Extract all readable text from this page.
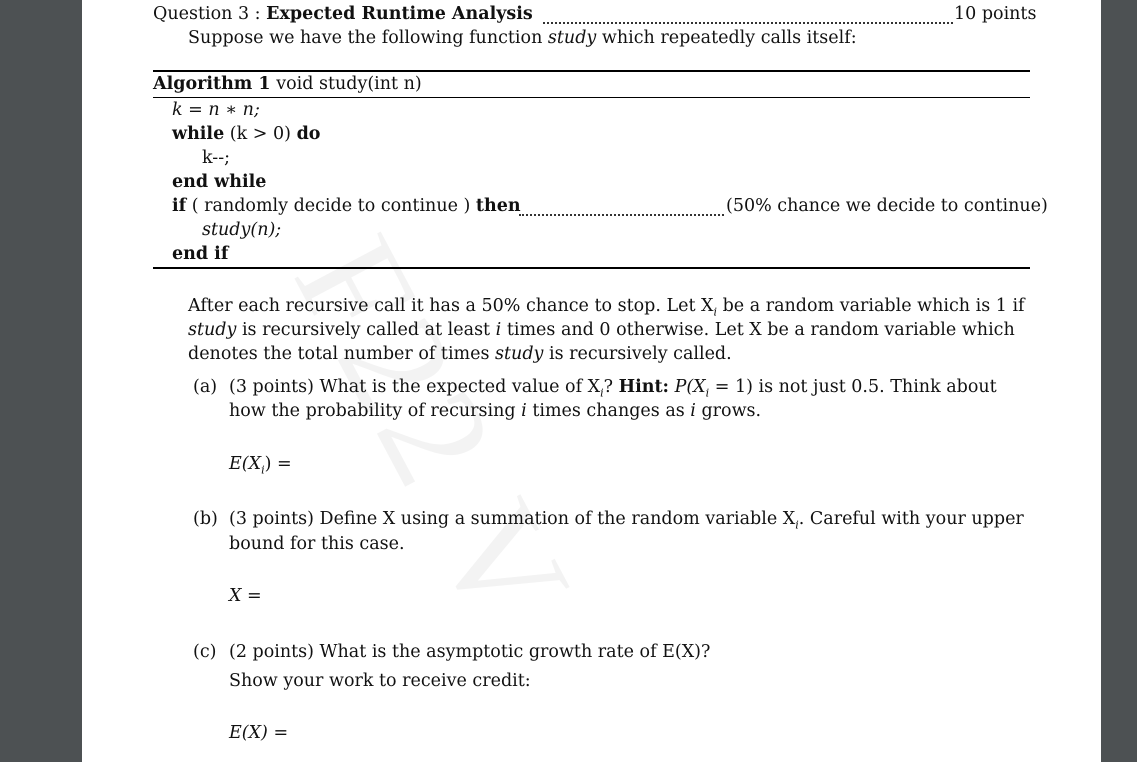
Question 3 : Expected Runtime Analysis	10 points
Suppose we have the following function study which repeatedly calls itself:
Algorithm 1 void study(int n)
k = n ∗ n;
while (k > 0) do
k--;
end while
if ( randomly decide to continue ) then	(50% chance we decide to continue)
study(n);
end if
After each recursive call it has a 50% chance to stop. Let $X_i$ be a random variable which is 1 if
study is recursively called at least i times and 0 otherwise. Let X be a random variable which
denotes the total number of times study is recursively called.
(a) (3 points) What is the expected value of $X_i$? Hint: $P(X_i = 1)$ is not just 0.5. Think about
how the probability of recursing i times changes as i grows.
$E(X_i)$ =
(b) (3 points) Define X using a summation of the random variable $X_i$. Careful with your upper
bound for this case.
X =
(c) (2 points) What is the asymptotic growth rate of E(X)?
Show your work to receive credit:
E(X) =
